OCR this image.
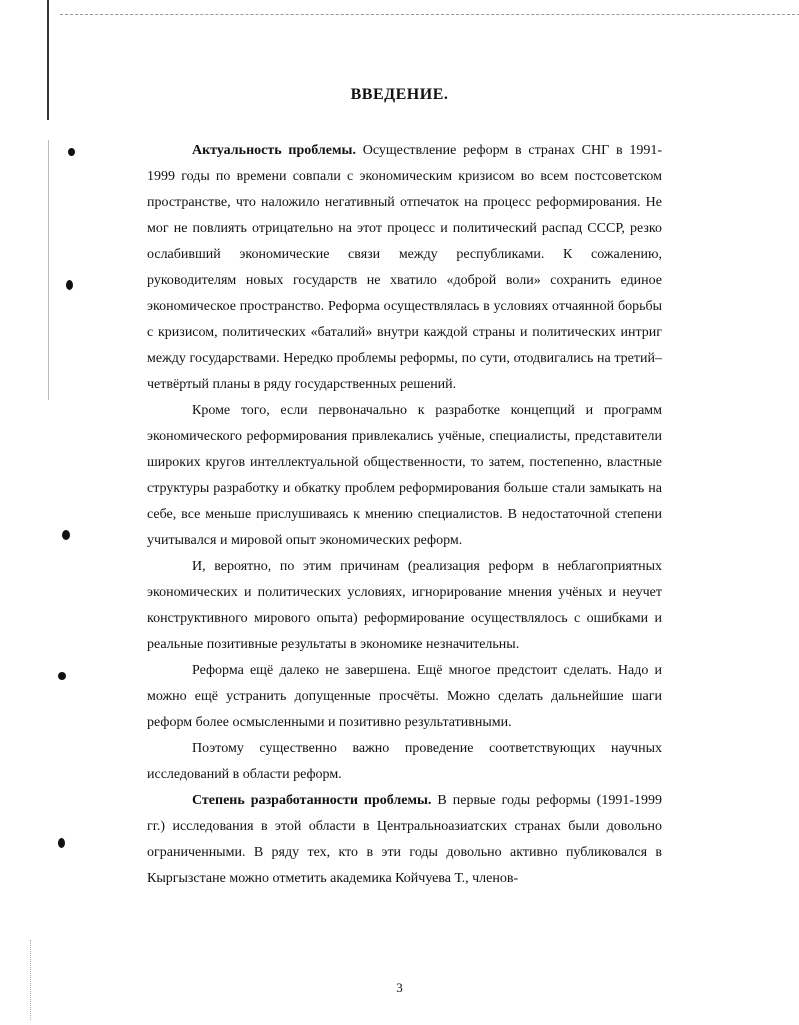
ВВЕДЕНИЕ.

Актуальность проблемы. Осуществление реформ в странах СНГ в 1991-1999 годы по времени совпали с экономическим кризисом во всем постсоветском пространстве, что наложило негативный отпечаток на процесс реформирования. Не мог не повлиять отрицательно на этот процесс и политический распад СССР, резко ослабивший экономические связи между республиками. К сожалению, руководителям новых государств не хватило «доброй воли» сохранить единое экономическое пространство. Реформа осуществлялась в условиях отчаянной борьбы с кризисом, политических «баталий» внутри каждой страны и политических интриг между государствами. Нередко проблемы реформы, по сути, отодвигались на третий–четвёртый планы в ряду государственных решений.

Кроме того, если первоначально к разработке концепций и программ экономического реформирования привлекались учёные, специалисты, представители широких кругов интеллектуальной общественности, то затем, постепенно, властные структуры разработку и обкатку проблем реформирования больше стали замыкать на себе, все меньше прислушиваясь к мнению специалистов. В недостаточной степени учитывался и мировой опыт экономических реформ.

И, вероятно, по этим причинам (реализация реформ в неблагоприятных экономических и политических условиях, игнорирование мнения учёных и неучет конструктивного мирового опыта) реформирование осуществлялось с ошибками и реальные позитивные результаты в экономике незначительны.

Реформа ещё далеко не завершена. Ещё многое предстоит сделать. Надо и можно ещё устранить допущенные просчёты. Можно сделать дальнейшие шаги реформ более осмысленными и позитивно результативными.

Поэтому существенно важно проведение соответствующих научных исследований в области реформ.

Степень разработанности проблемы. В первые годы реформы (1991-1999 гг.) исследования в этой области в Центральноазиатских странах были довольно ограниченными. В ряду тех, кто в эти годы довольно активно публиковался в Кыргызстане можно отметить академика Койчуева Т., членов-

3
